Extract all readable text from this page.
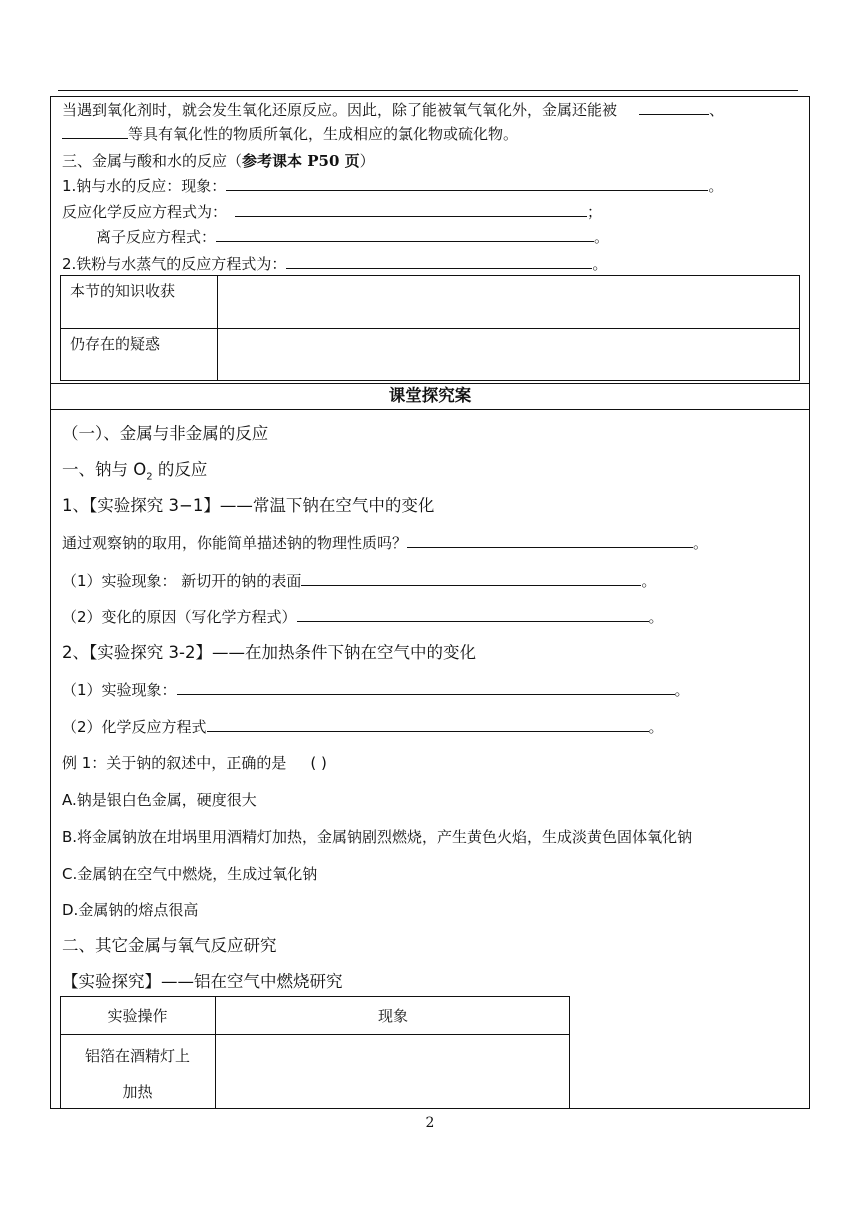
当遇到氧化剂时，就会发生氧化还原反应。因此，除了能被氧气氧化外，金属还能被	、
等具有氧化性的物质所氧化，生成相应的氯化物或硫化物。
三、金属与酸和水的反应（参考课本 P50 页）
1.钠与水的反应：现象：	。
反应化学反应方程式为：	；
离子反应方程式：	。
2.铁粉与水蒸气的反应方程式为：	。
本节的知识收获
仍存在的疑惑
课堂探究案
（一）、金属与非金属的反应
一、钠与 $O_2$ 的反应
1、【实验探究 3−1】——常温下钠在空气中的变化
通过观察钠的取用，你能简单描述钠的物理性质吗？	。
（1）实验现象： 新切开的钠的表面	。
（2）变化的原因（写化学方程式）	。
2、【实验探究 3-2】——在加热条件下钠在空气中的变化
（1）实验现象：	。
（2）化学反应方程式	。
例 1：关于钠的叙述中，正确的是 ( )
A.钠是银白色金属，硬度很大
B.将金属钠放在坩埚里用酒精灯加热，金属钠剧烈燃烧，产生黄色火焰，生成淡黄色固体氧化钠
C.金属钠在空气中燃烧，生成过氧化钠
D.金属钠的熔点很高
二、其它金属与氧气反应研究
【实验探究】——铝在空气中燃烧研究
实验操作	现象
铝箔在酒精灯上
加热
2
